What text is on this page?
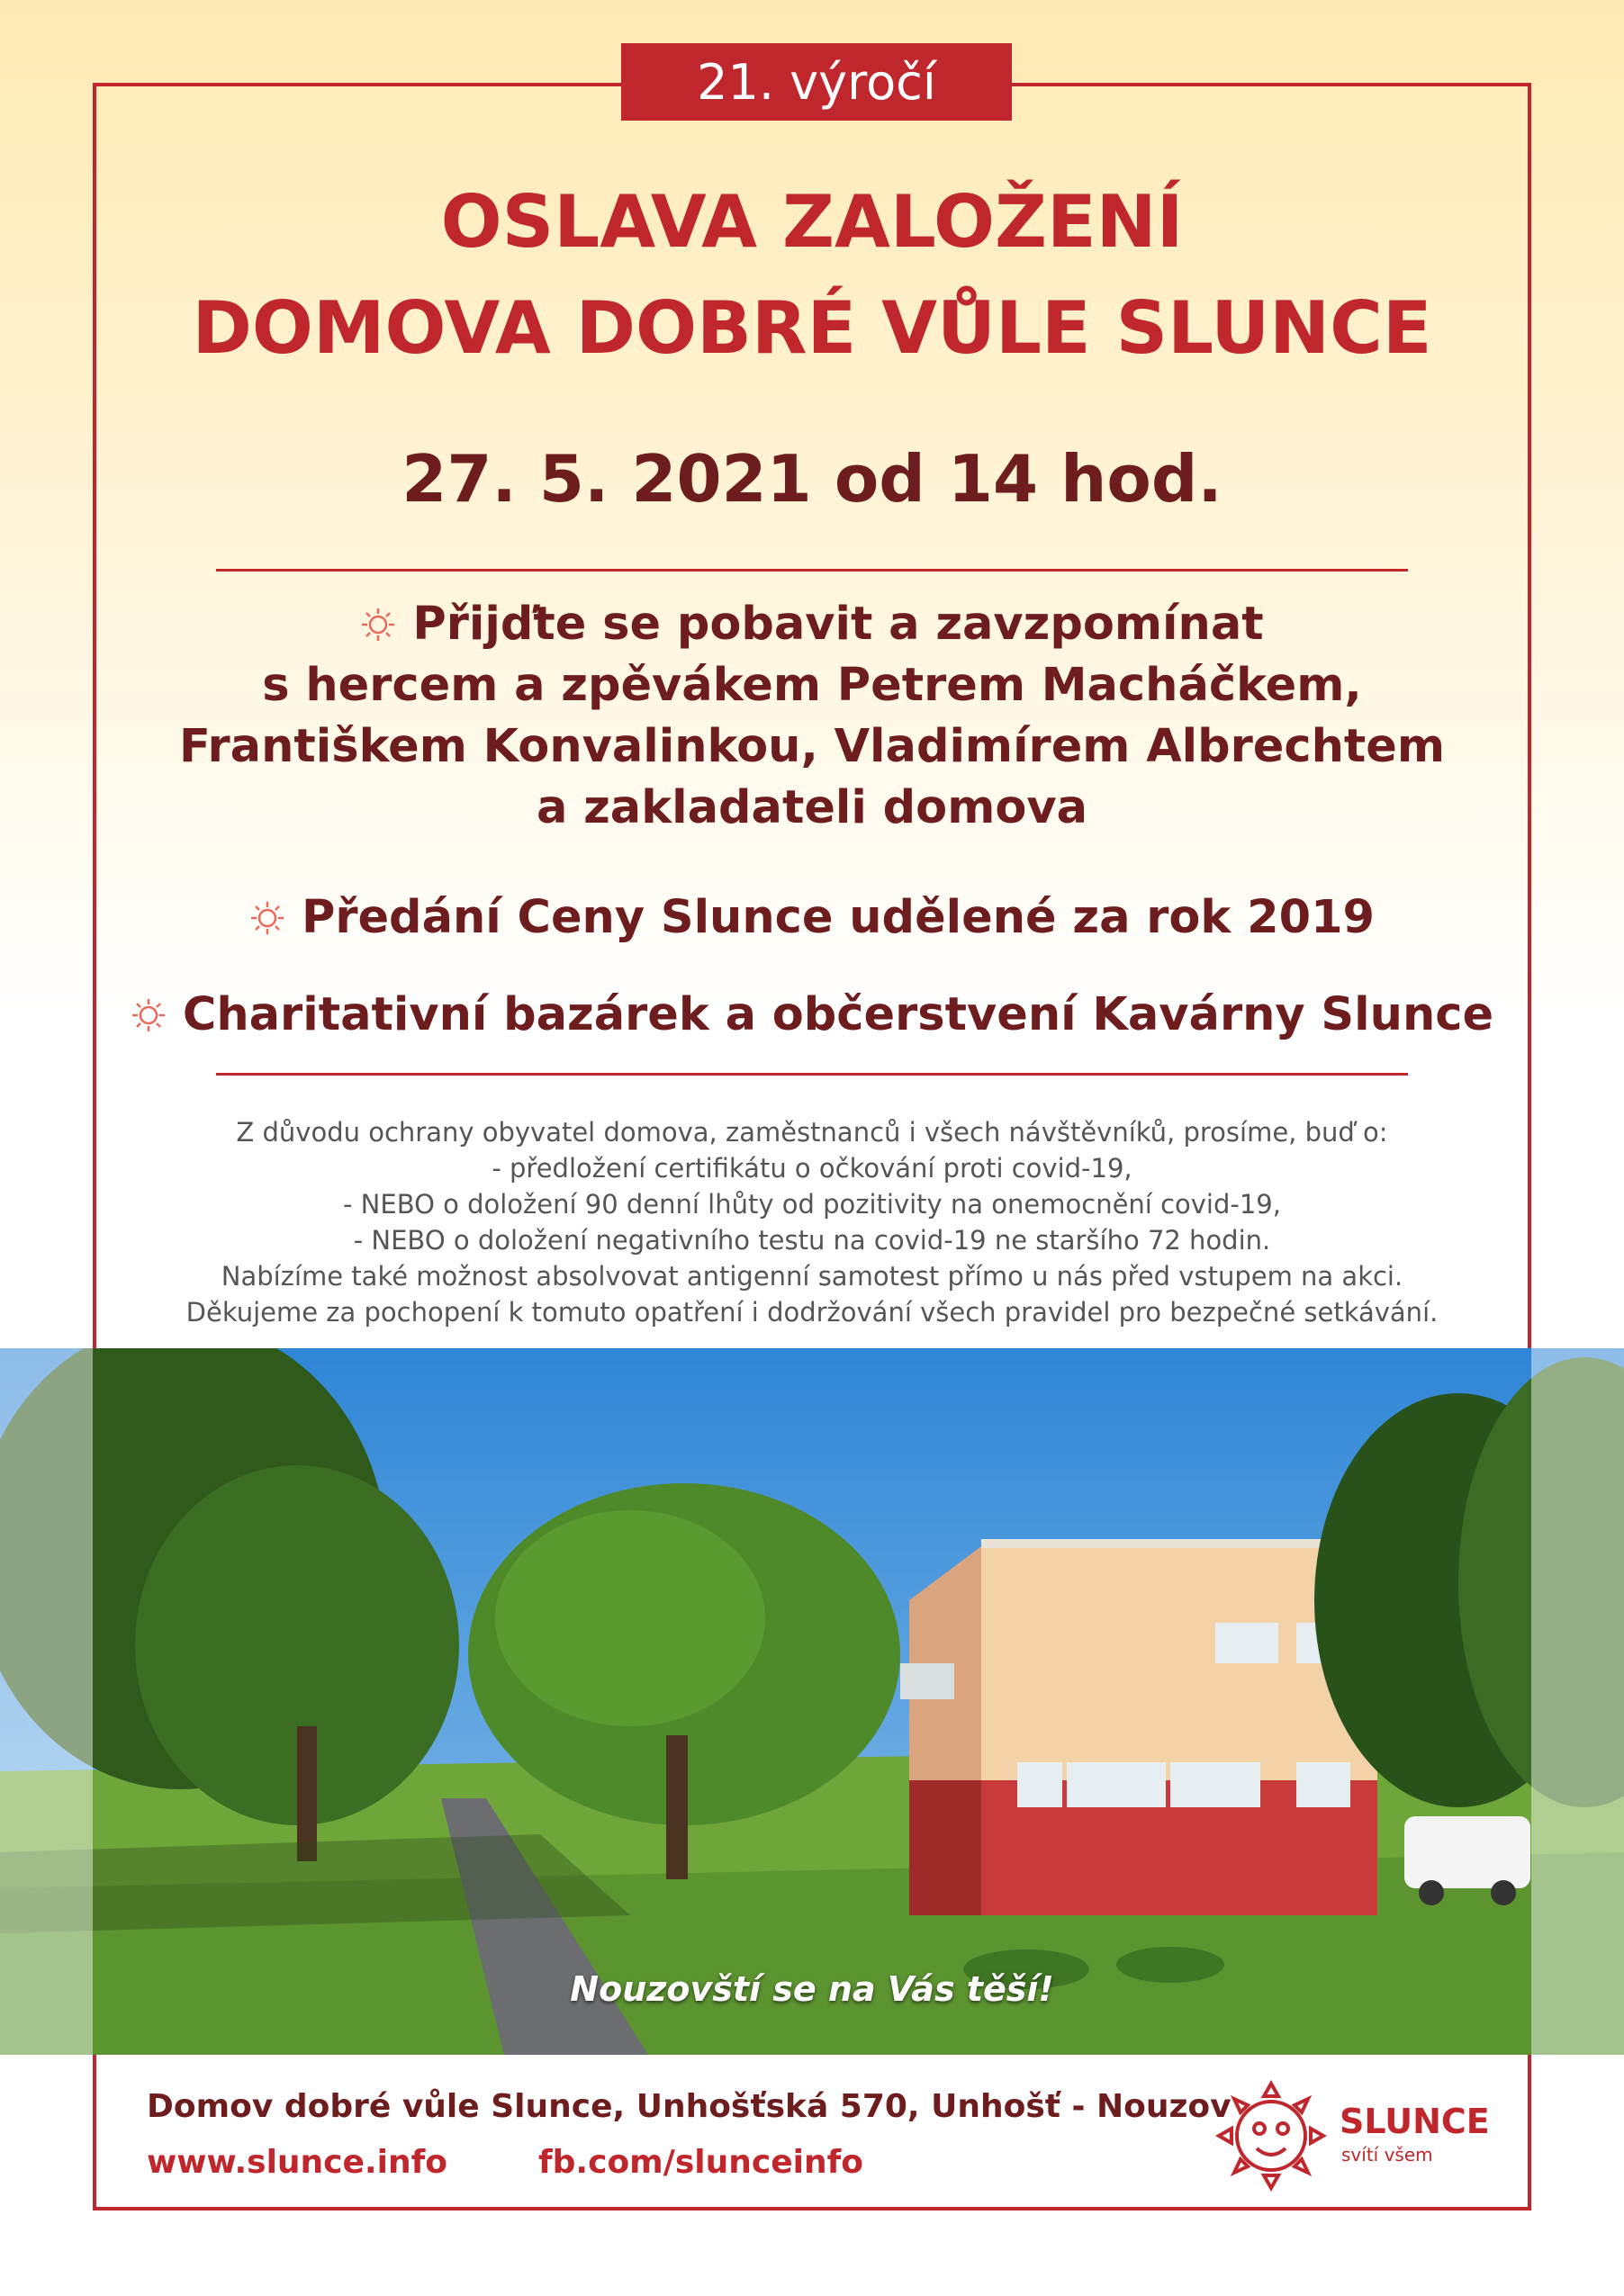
21. výročí
OSLAVA ZALOŽENÍ
DOMOVA DOBRÉ VŮLE SLUNCE
27. 5. 2021 od 14 hod.
Přijďte se pobavit a zavzpomínat
s hercem a zpěvákem Petrem Macháčkem,
Františkem Konvalinkou, Vladimírem Albrechtem
a zakladateli domova
Předání Ceny Slunce udělené za rok 2019
Charitativní bazárek a občerstvení Kavárny Slunce
Z důvodu ochrany obyvatel domova, zaměstnanců i všech návštěvníků, prosíme, buď o:
- předložení certifikátu o očkování proti covid-19,
- NEBO o doložení 90 denní lhůty od pozitivity na onemocnění covid-19,
- NEBO o doložení negativního testu na covid-19 ne staršího 72 hodin.
Nabízíme také možnost absolvovat antigenní samotest přímo u nás před vstupem na akci.
Děkujeme za pochopení k tomuto opatření i dodržování všech pravidel pro bezpečné setkávání.
Nouzovští se na Vás těší!
Domov dobré vůle Slunce, Unhošťská 570, Unhošť - Nouzov
www.slunce.info	fb.com/slunceinfo
SLUNCE
svítí všem
